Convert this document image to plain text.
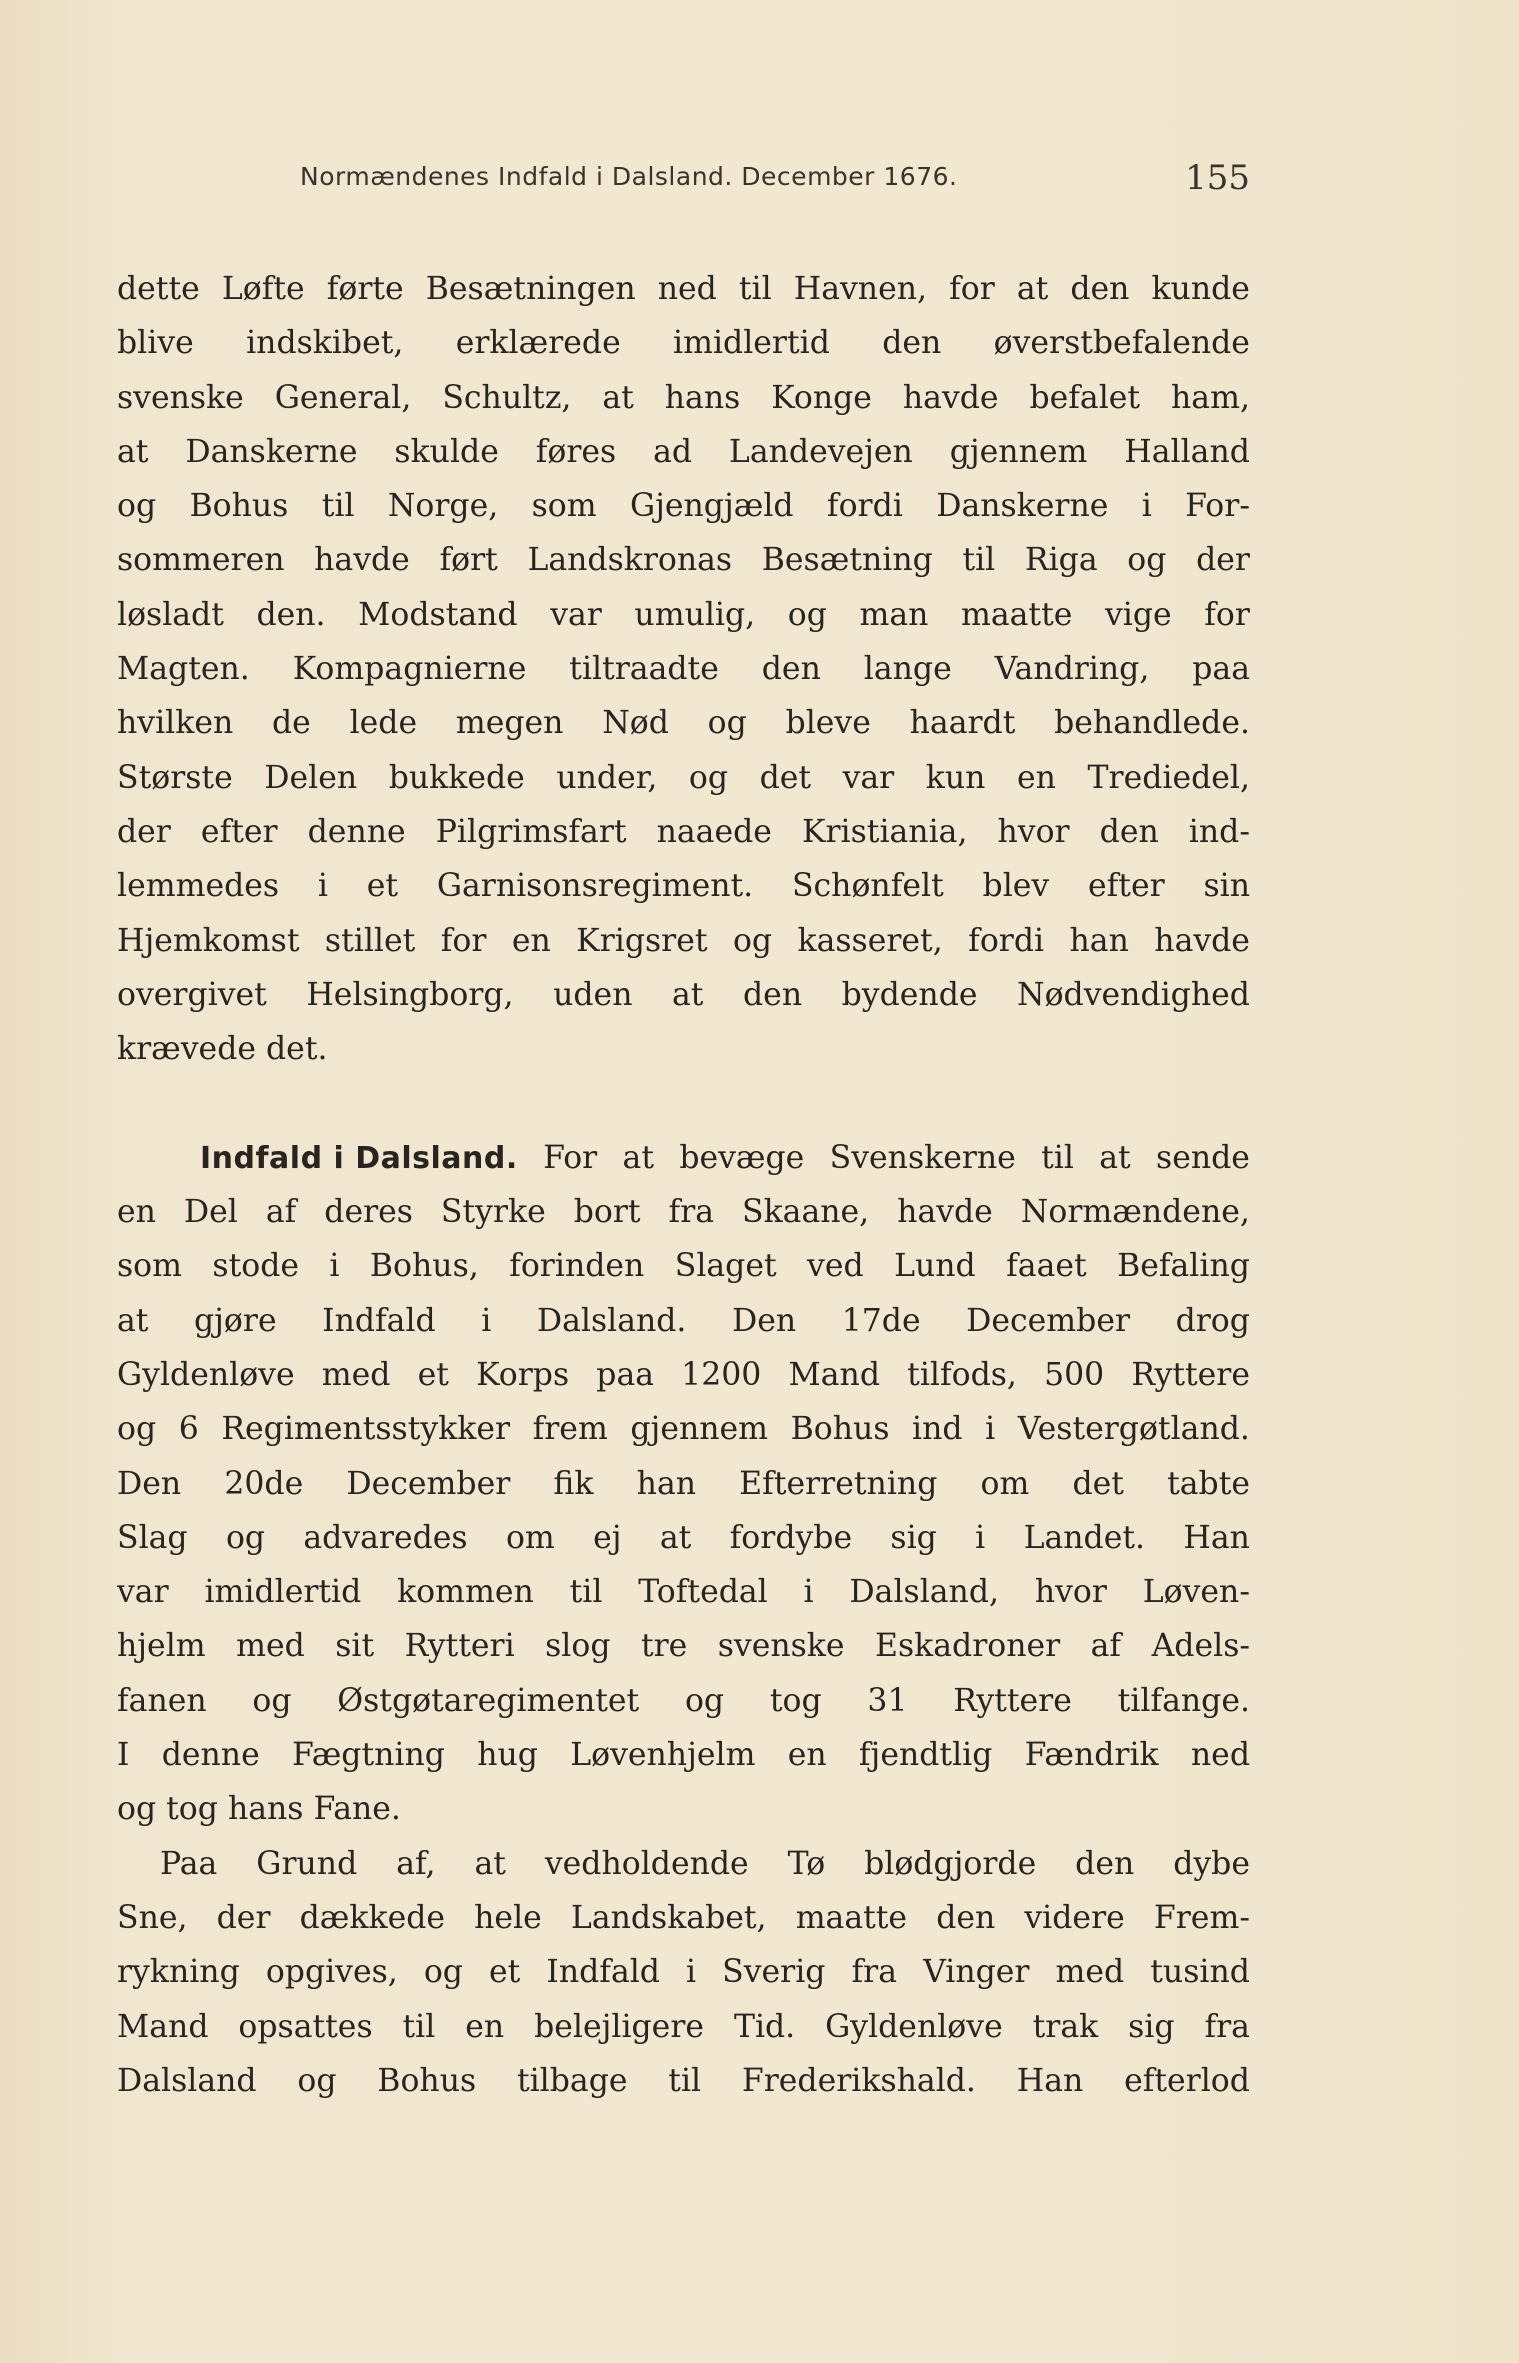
Normændenes Indfald i Dalsland. December 1676.	155
dette Løfte førte Besætningen ned til Havnen, for at den kunde
blive indskibet, erklærede imidlertid den øverstbefalende
svenske General, Schultz, at hans Konge havde befalet ham,
at Danskerne skulde føres ad Landevejen gjennem Halland
og Bohus til Norge, som Gjengjæld fordi Danskerne i For-
sommeren havde ført Landskronas Besætning til Riga og der
løsladt den. Modstand var umulig, og man maatte vige for
Magten. Kompagnierne tiltraadte den lange Vandring, paa
hvilken de lede megen Nød og bleve haardt behandlede.
Største Delen bukkede under, og det var kun en Trediedel,
der efter denne Pilgrimsfart naaede Kristiania, hvor den ind-
lemmedes i et Garnisonsregiment. Schønfelt blev efter sin
Hjemkomst stillet for en Krigsret og kasseret, fordi han havde
overgivet Helsingborg, uden at den bydende Nødvendighed
krævede det.
Indfald i Dalsland. For at bevæge Svenskerne til at sende
en Del af deres Styrke bort fra Skaane, havde Normændene,
som stode i Bohus, forinden Slaget ved Lund faaet Befaling
at gjøre Indfald i Dalsland. Den 17de December drog
Gyldenløve med et Korps paa 1200 Mand tilfods, 500 Ryttere
og 6 Regimentsstykker frem gjennem Bohus ind i Vestergøtland.
Den 20de December fik han Efterretning om det tabte
Slag og advaredes om ej at fordybe sig i Landet. Han
var imidlertid kommen til Toftedal i Dalsland, hvor Løven-
hjelm med sit Rytteri slog tre svenske Eskadroner af Adels-
fanen og Østgøtaregimentet og tog 31 Ryttere tilfange.
I denne Fægtning hug Løvenhjelm en fjendtlig Fændrik ned
og tog hans Fane.
Paa Grund af, at vedholdende Tø blødgjorde den dybe
Sne, der dækkede hele Landskabet, maatte den videre Frem-
rykning opgives, og et Indfald i Sverig fra Vinger med tusind
Mand opsattes til en belejligere Tid. Gyldenløve trak sig fra
Dalsland og Bohus tilbage til Frederikshald. Han efterlod
